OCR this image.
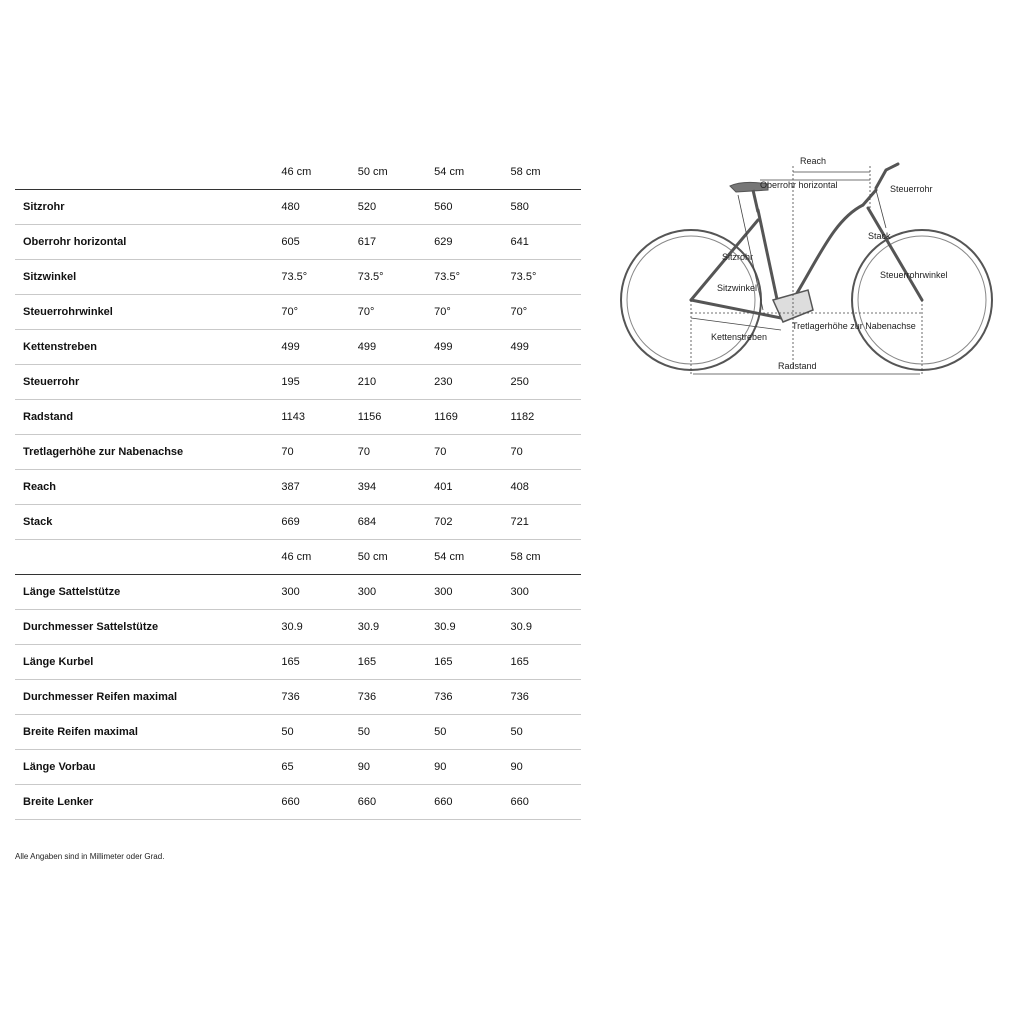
	46 cm	50 cm	54 cm	58 cm
Sitzrohr	480	520	560	580
Oberrohr horizontal	605	617	629	641
Sitzwinkel	73.5°	73.5°	73.5°	73.5°
Steuerrohrwinkel	70°	70°	70°	70°
Kettenstreben	499	499	499	499
Steuerrohr	195	210	230	250
Radstand	1143	1156	1169	1182
Tretlagerhöhe zur Nabenachse	70	70	70	70
Reach	387	394	401	408
Stack	669	684	702	721
	46 cm	50 cm	54 cm	58 cm
Länge Sattelstütze	300	300	300	300
Durchmesser Sattelstütze	30.9	30.9	30.9	30.9
Länge Kurbel	165	165	165	165
Durchmesser Reifen maximal	736	736	736	736
Breite Reifen maximal	50	50	50	50
Länge Vorbau	65	90	90	90
Breite Lenker	660	660	660	660
Alle Angaben sind in Millimeter oder Grad.
Reach
Oberrohr horizontal	Steuerrohr
Stack
Sitzrohr
Steuerrohrwinkel
Sitzwinkel
Tretlagerhöhe zur Nabenachse
Kettenstreben
Radstand
